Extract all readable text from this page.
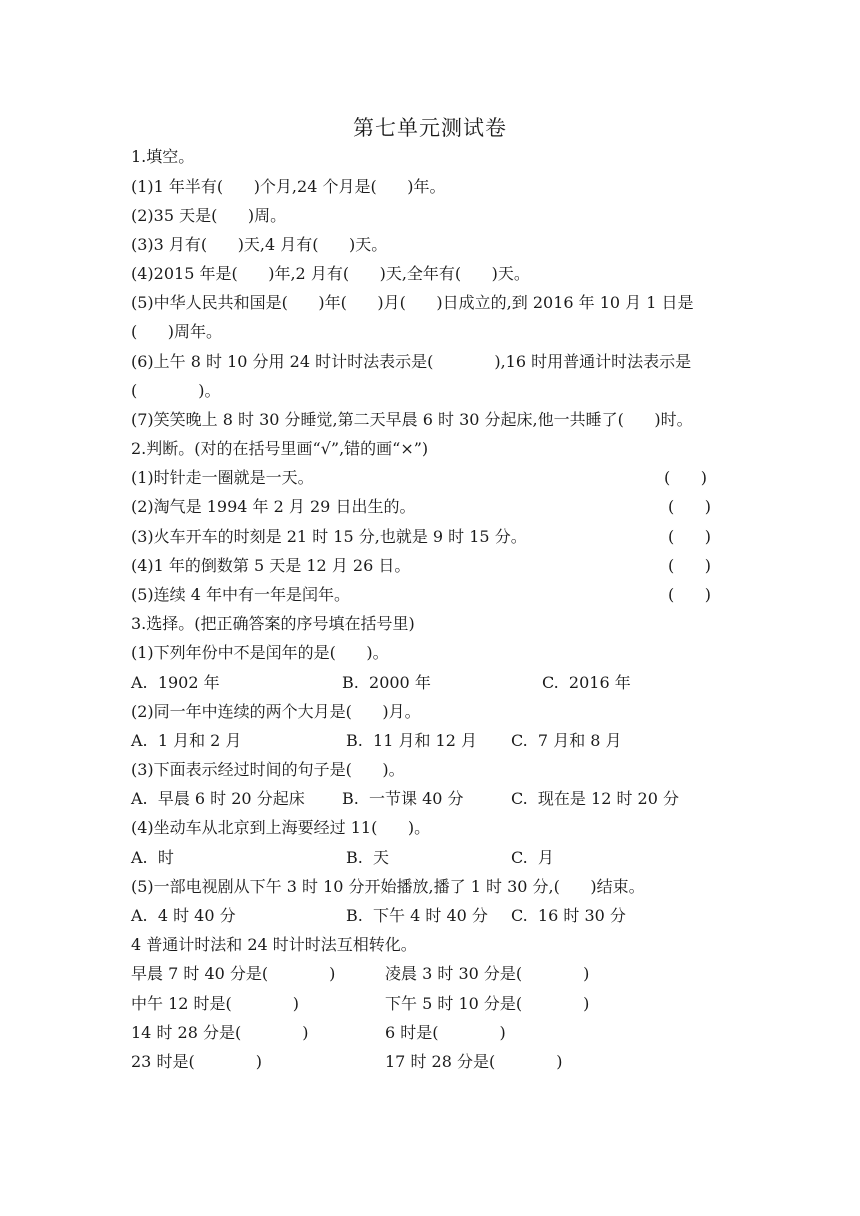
第七单元测试卷
1.填空。
(1)1 年半有(      )个月,24 个月是(      )年。
(2)35 天是(      )周。
(3)3 月有(      )天,4 月有(      )天。
(4)2015 年是(      )年,2 月有(      )天,全年有(      )天。
(5)中华人民共和国是(      )年(      )月(      )日成立的,到 2016 年 10 月 1 日是
(      )周年。
(6)上午 8 时 10 分用 24 时计时法表示是(            ),16 时用普通计时法表示是
(            )。
(7)笑笑晚上 8 时 30 分睡觉,第二天早晨 6 时 30 分起床,他一共睡了(      )时。
2.判断。(对的在括号里画“√”,错的画“×”)
(1)时针走一圈就是一天。	(      )
(2)淘气是 1994 年 2 月 29 日出生的。	(      )
(3)火车开车的时刻是 21 时 15 分,也就是 9 时 15 分。	(      )
(4)1 年的倒数第 5 天是 12 月 26 日。	(      )
(5)连续 4 年中有一年是闰年。	(      )
3.选择。(把正确答案的序号填在括号里)
(1)下列年份中不是闰年的是(      )。
A.  1902 年	B.  2000 年	C.  2016 年
(2)同一年中连续的两个大月是(      )月。
A.  1 月和 2 月	B.  11 月和 12 月 C.  7 月和 8 月
(3)下面表示经过时间的句子是(      )。
A.  早晨 6 时 20 分起床 B.  一节课 40 分	C.  现在是 12 时 20 分
(4)坐动车从北京到上海要经过 11(      )。
A.  时	B.  天	C.  月
(5)一部电视剧从下午 3 时 10 分开始播放,播了 1 时 30 分,(      )结束。
A.  4 时 40 分	B.  下午 4 时 40 分 C.  16 时 30 分
4 普通计时法和 24 时计时法互相转化。
早晨 7 时 40 分是(            )	凌晨 3 时 30 分是(            )
中午 12 时是(            )	下午 5 时 10 分是(            )
14 时 28 分是(            )	6 时是(            )
23 时是(            )	17 时 28 分是(            )
